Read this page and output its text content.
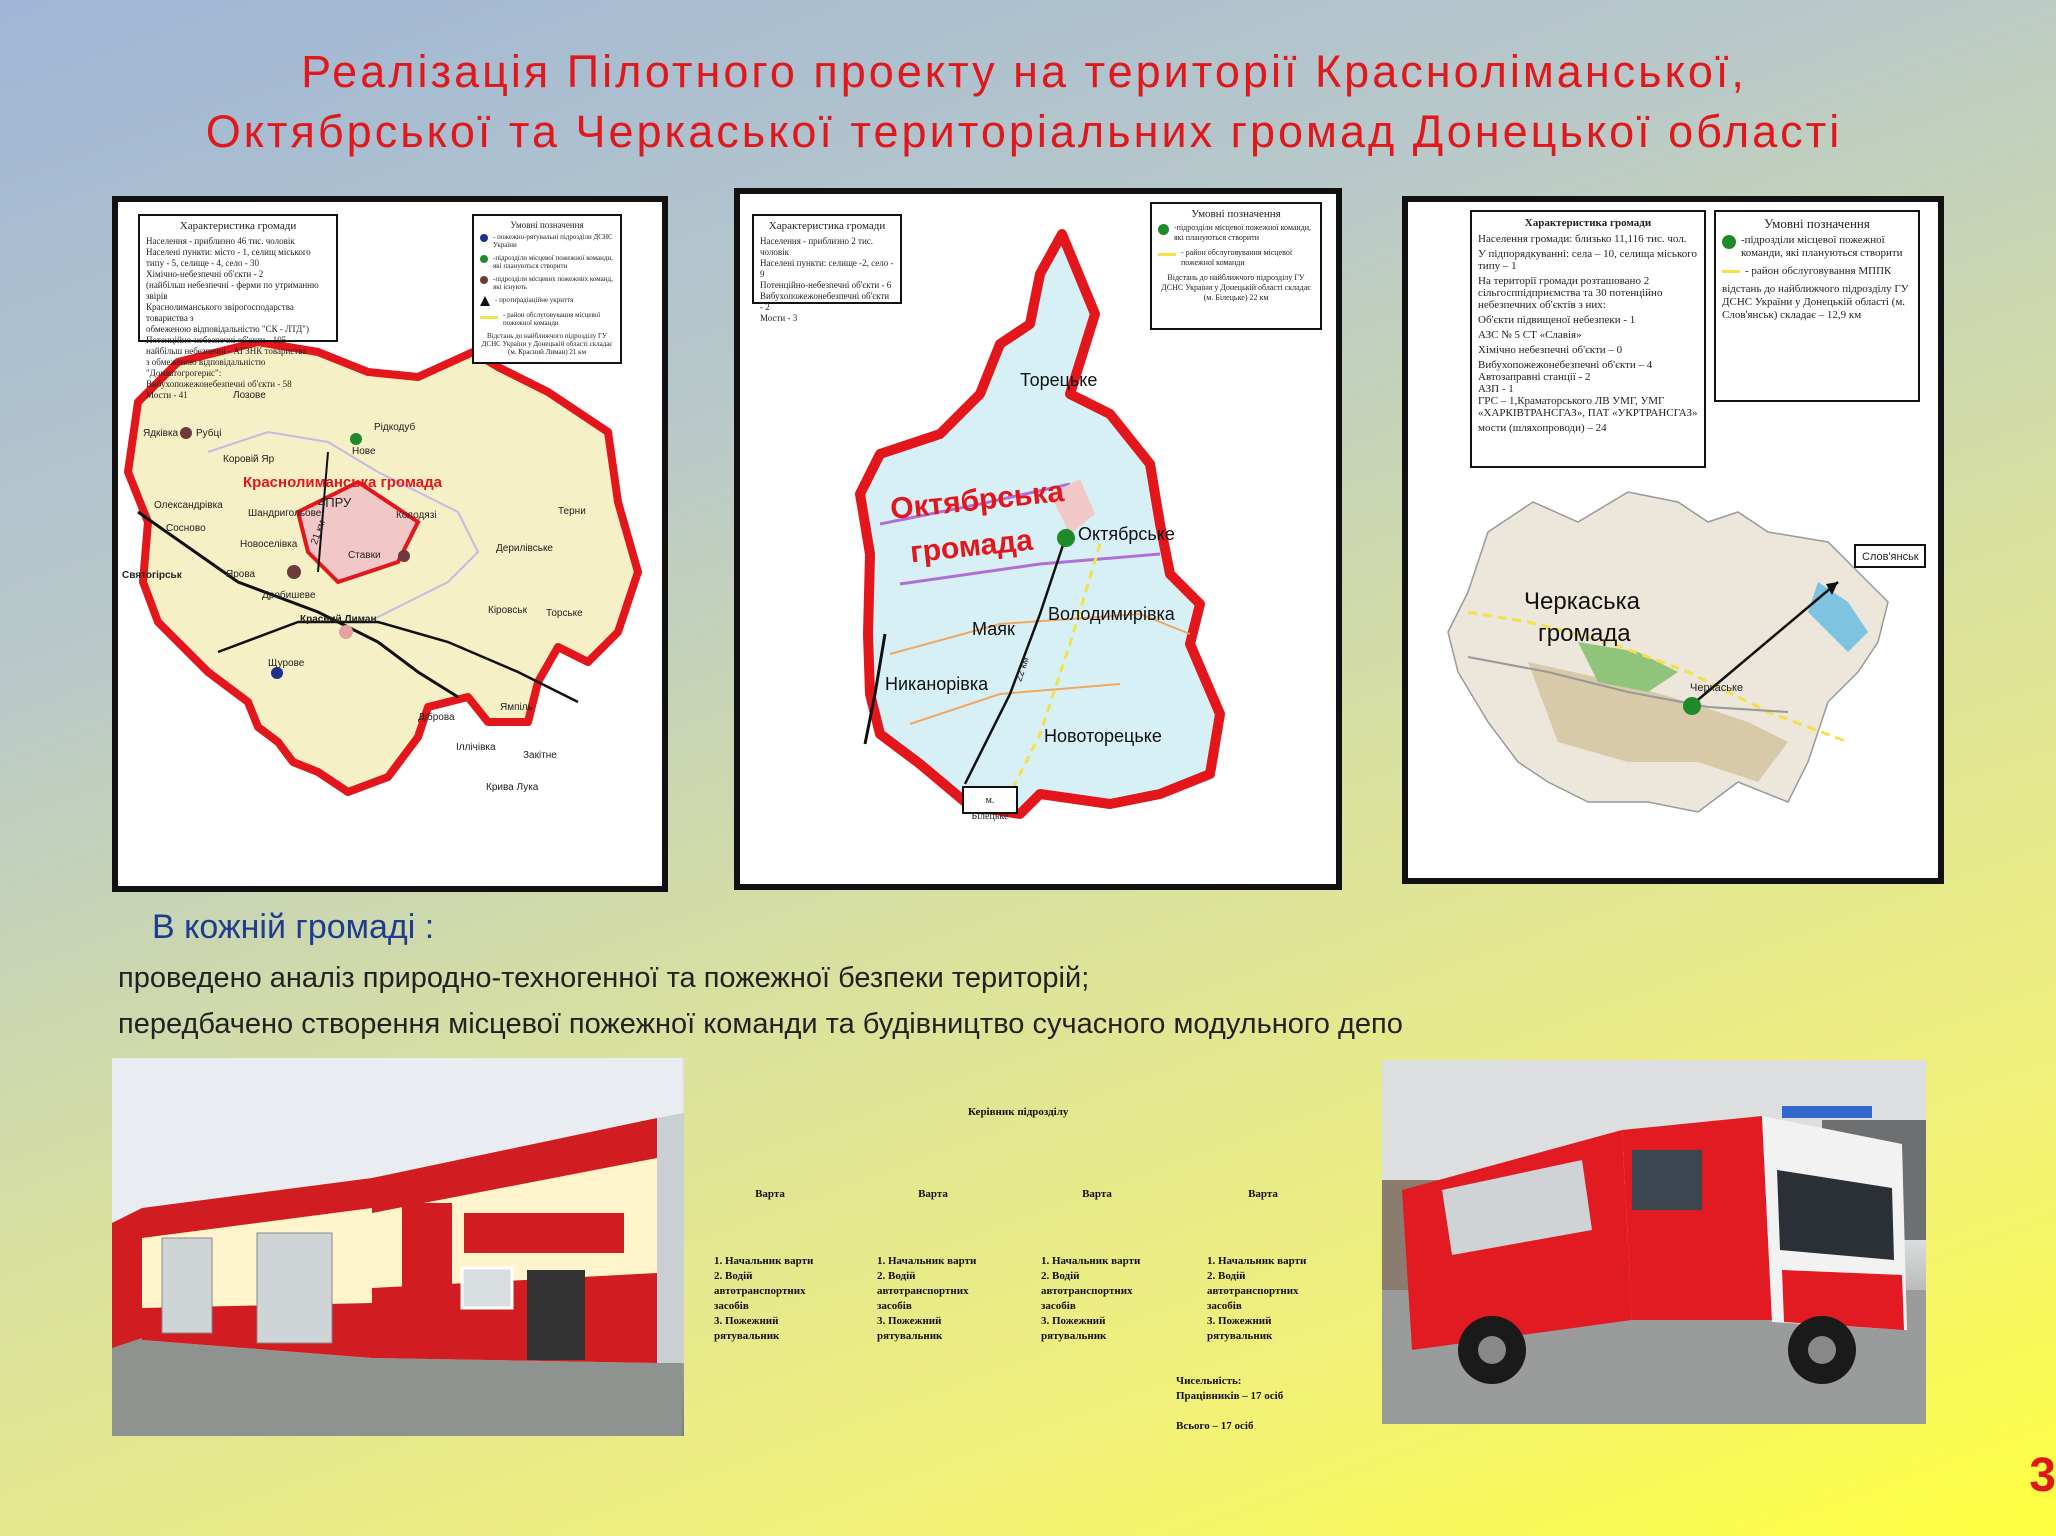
Реалізація Пілотного проекту на території Красноліманської,
Октябрської та Черкаської територіальних громад Донецької області
Характеристика громади
Населення - приблизно 46 тис. чоловік
Населені пункти: місто - 1, селищ міського
типу - 5, селище - 4, село - 30
Хімічно-небезпечні об'єкти - 2
(найбільш небезпечні - ферми по утриманню звірів
Краснолиманського звірогосподарства товариства з
обмеженою відповідальністю "СК - ЛТД")
Потенційно-небезпечні об'єкти - 105
найбільш небезпечні - АГЗНК товариства
з обмеженою відповідальністю "Донавтогрогерис":
Вибухопожежонебезпечні об'єкти - 58
Мости - 41
Умовні позначення
- пожежно-рятувальні підрозділи ДСНС України
-підрозділи місцевої пожежної команди, які плануються створити
-підрозділи місцевих пожежних команд, які існують
- протирадіаційне укриття
- район обслуговування місцевої пожежної команди
Відстань до найближчого підрозділу ГУ ДСНС України у Донецькій області складає (м. Красний Лиман) 21 км
Краснолиманська громада
4ПРУ
21 км
Лозове
Рідкодуб
Ядківка Рубці
Нове
Коровій Яр
Олександрівка
Шандригольове
Сосново
Колодязі	Терни
Новоселівка
Ставки
Дерилівське
Святогірськ	Ярова
Дробишеве
Красний Лиман
Кіровськ Торське
Щурове
Ямпіль
Діброва
Іллічівка
Закітне
Крива Лука
Характеристика громади
Населення - приблизно 2 тис. чоловік
Населені пункти: селище -2, село - 9
Потенційно-небезпечні об'єкти - 6
Вибухопожежонебезпечні об'єкти - 2
Мости - 3
Умовні позначення
-підрозділи місцевої пожежної команди, які плануються створити
- район обслуговування місцевої пожежної команди
Відстань до найближчого підрозділу ГУ ДСНС України у Донецькій області складає (м. Білецьке) 22 км
Октябрська
громада
Торецьке
Октябрське
Маяк
Володимирівка
Никанорівка
Новоторецьке
22 км
м. Білецьке
Характеристика громади
Населення громади: близько 11,116 тис. чол.
У підпорядкуванні: села – 10, селища міського типу – 1
На території громади розташовано 2 сільгосппідприємства та 30 потенційно небезпечних об'єктів з них:
Об'єкти підвищеної небезпеки - 1
АЗС № 5 СТ «Славія»
Хімічно небезпечні об'єкти – 0
Вибухопожежонебезпечні об'єкти – 4
Автозаправні станції - 2
АЗП - 1
ГРС – 1,Краматорського ЛВ УМГ, УМГ «ХАРКІВТРАНСГАЗ», ПАТ «УКРТРАНСГАЗ»
мости (шляхопроводи) – 24
Умовні позначення
-підрозділи місцевої пожежної команди, які плануються створити
- район обслуговування МППК
відстань до найближчого підрозділу ГУ ДСНС України у Донецькій області (м. Слов'янськ) складає – 12,9 км
Черкаська
громада
Черкаське
Слов'янськ
В кожній громаді :
проведено аналіз природно-техногенної та пожежної безпеки територій;
передбачено створення місцевої пожежної команди та будівництво сучасного модульного депо
101
Керівник підрозділу
Варта
1. Начальник варти
2. Водій
автотранспортних
засобів
3. Пожежний
рятувальник
Варта
1. Начальник варти
2. Водій
автотранспортних
засобів
3. Пожежний
рятувальник
Варта
1. Начальник варти
2. Водій
автотранспортних
засобів
3. Пожежний
рятувальник
Варта
1. Начальник варти
2. Водій
автотранспортних
засобів
3. Пожежний
рятувальник
Чисельність:
Працівників – 17 осіб
Всього – 17 осіб
3
